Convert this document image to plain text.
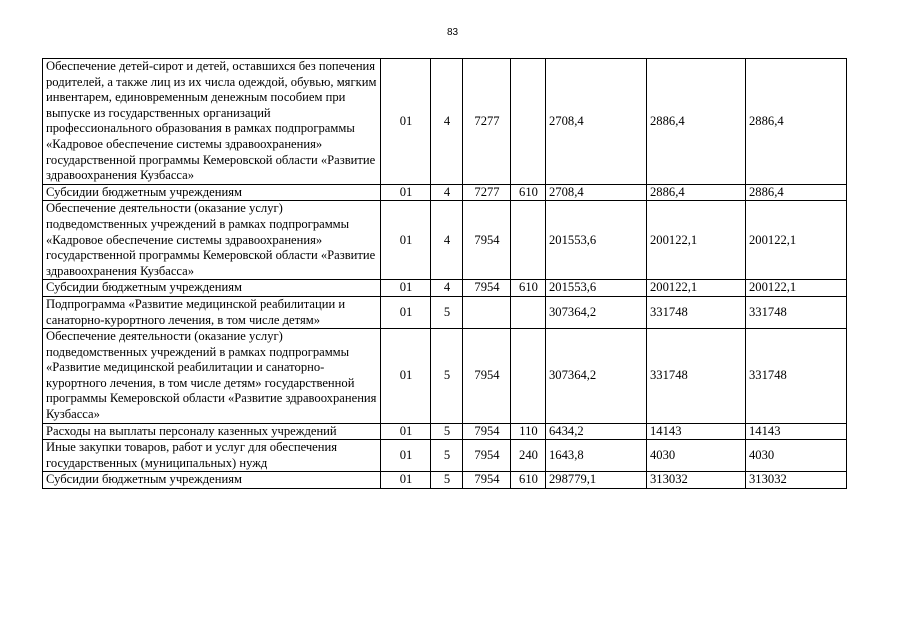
83
Обеспечение детей-сирот и детей, оставшихся без попечения родителей, а также лиц из их числа одеждой, обувью, мягким инвентарем, единовременным денежным пособием при выпуске из государственных организаций профессионального образования в рамках подпрограммы «Кадровое обеспечение системы здравоохранения» государственной программы Кемеровской области «Развитие здравоохранения Кузбасса»	01	4	7277		2708,4	2886,4	2886,4
Субсидии бюджетным учреждениям	01	4	7277	610	2708,4	2886,4	2886,4
Обеспечение деятельности (оказание услуг) подведомственных учреждений в рамках подпрограммы «Кадровое обеспечение системы здравоохранения» государственной программы Кемеровской области «Развитие здравоохранения Кузбасса»	01	4	7954		201553,6	200122,1	200122,1
Субсидии бюджетным учреждениям	01	4	7954	610	201553,6	200122,1	200122,1
Подпрограмма «Развитие медицинской реабилитации и санаторно-курортного лечения, в том числе детям»	01	5			307364,2	331748	331748
Обеспечение деятельности (оказание услуг) подведомственных учреждений в рамках подпрограммы «Развитие медицинской реабилитации и санаторно-курортного лечения, в том числе детям» государственной программы Кемеровской области «Развитие здравоохранения Кузбасса»	01	5	7954		307364,2	331748	331748
Расходы на выплаты персоналу казенных учреждений	01	5	7954	110	6434,2	14143	14143
Иные закупки товаров, работ и услуг для обеспечения государственных (муниципальных) нужд	01	5	7954	240	1643,8	4030	4030
Субсидии бюджетным учреждениям	01	5	7954	610	298779,1	313032	313032
